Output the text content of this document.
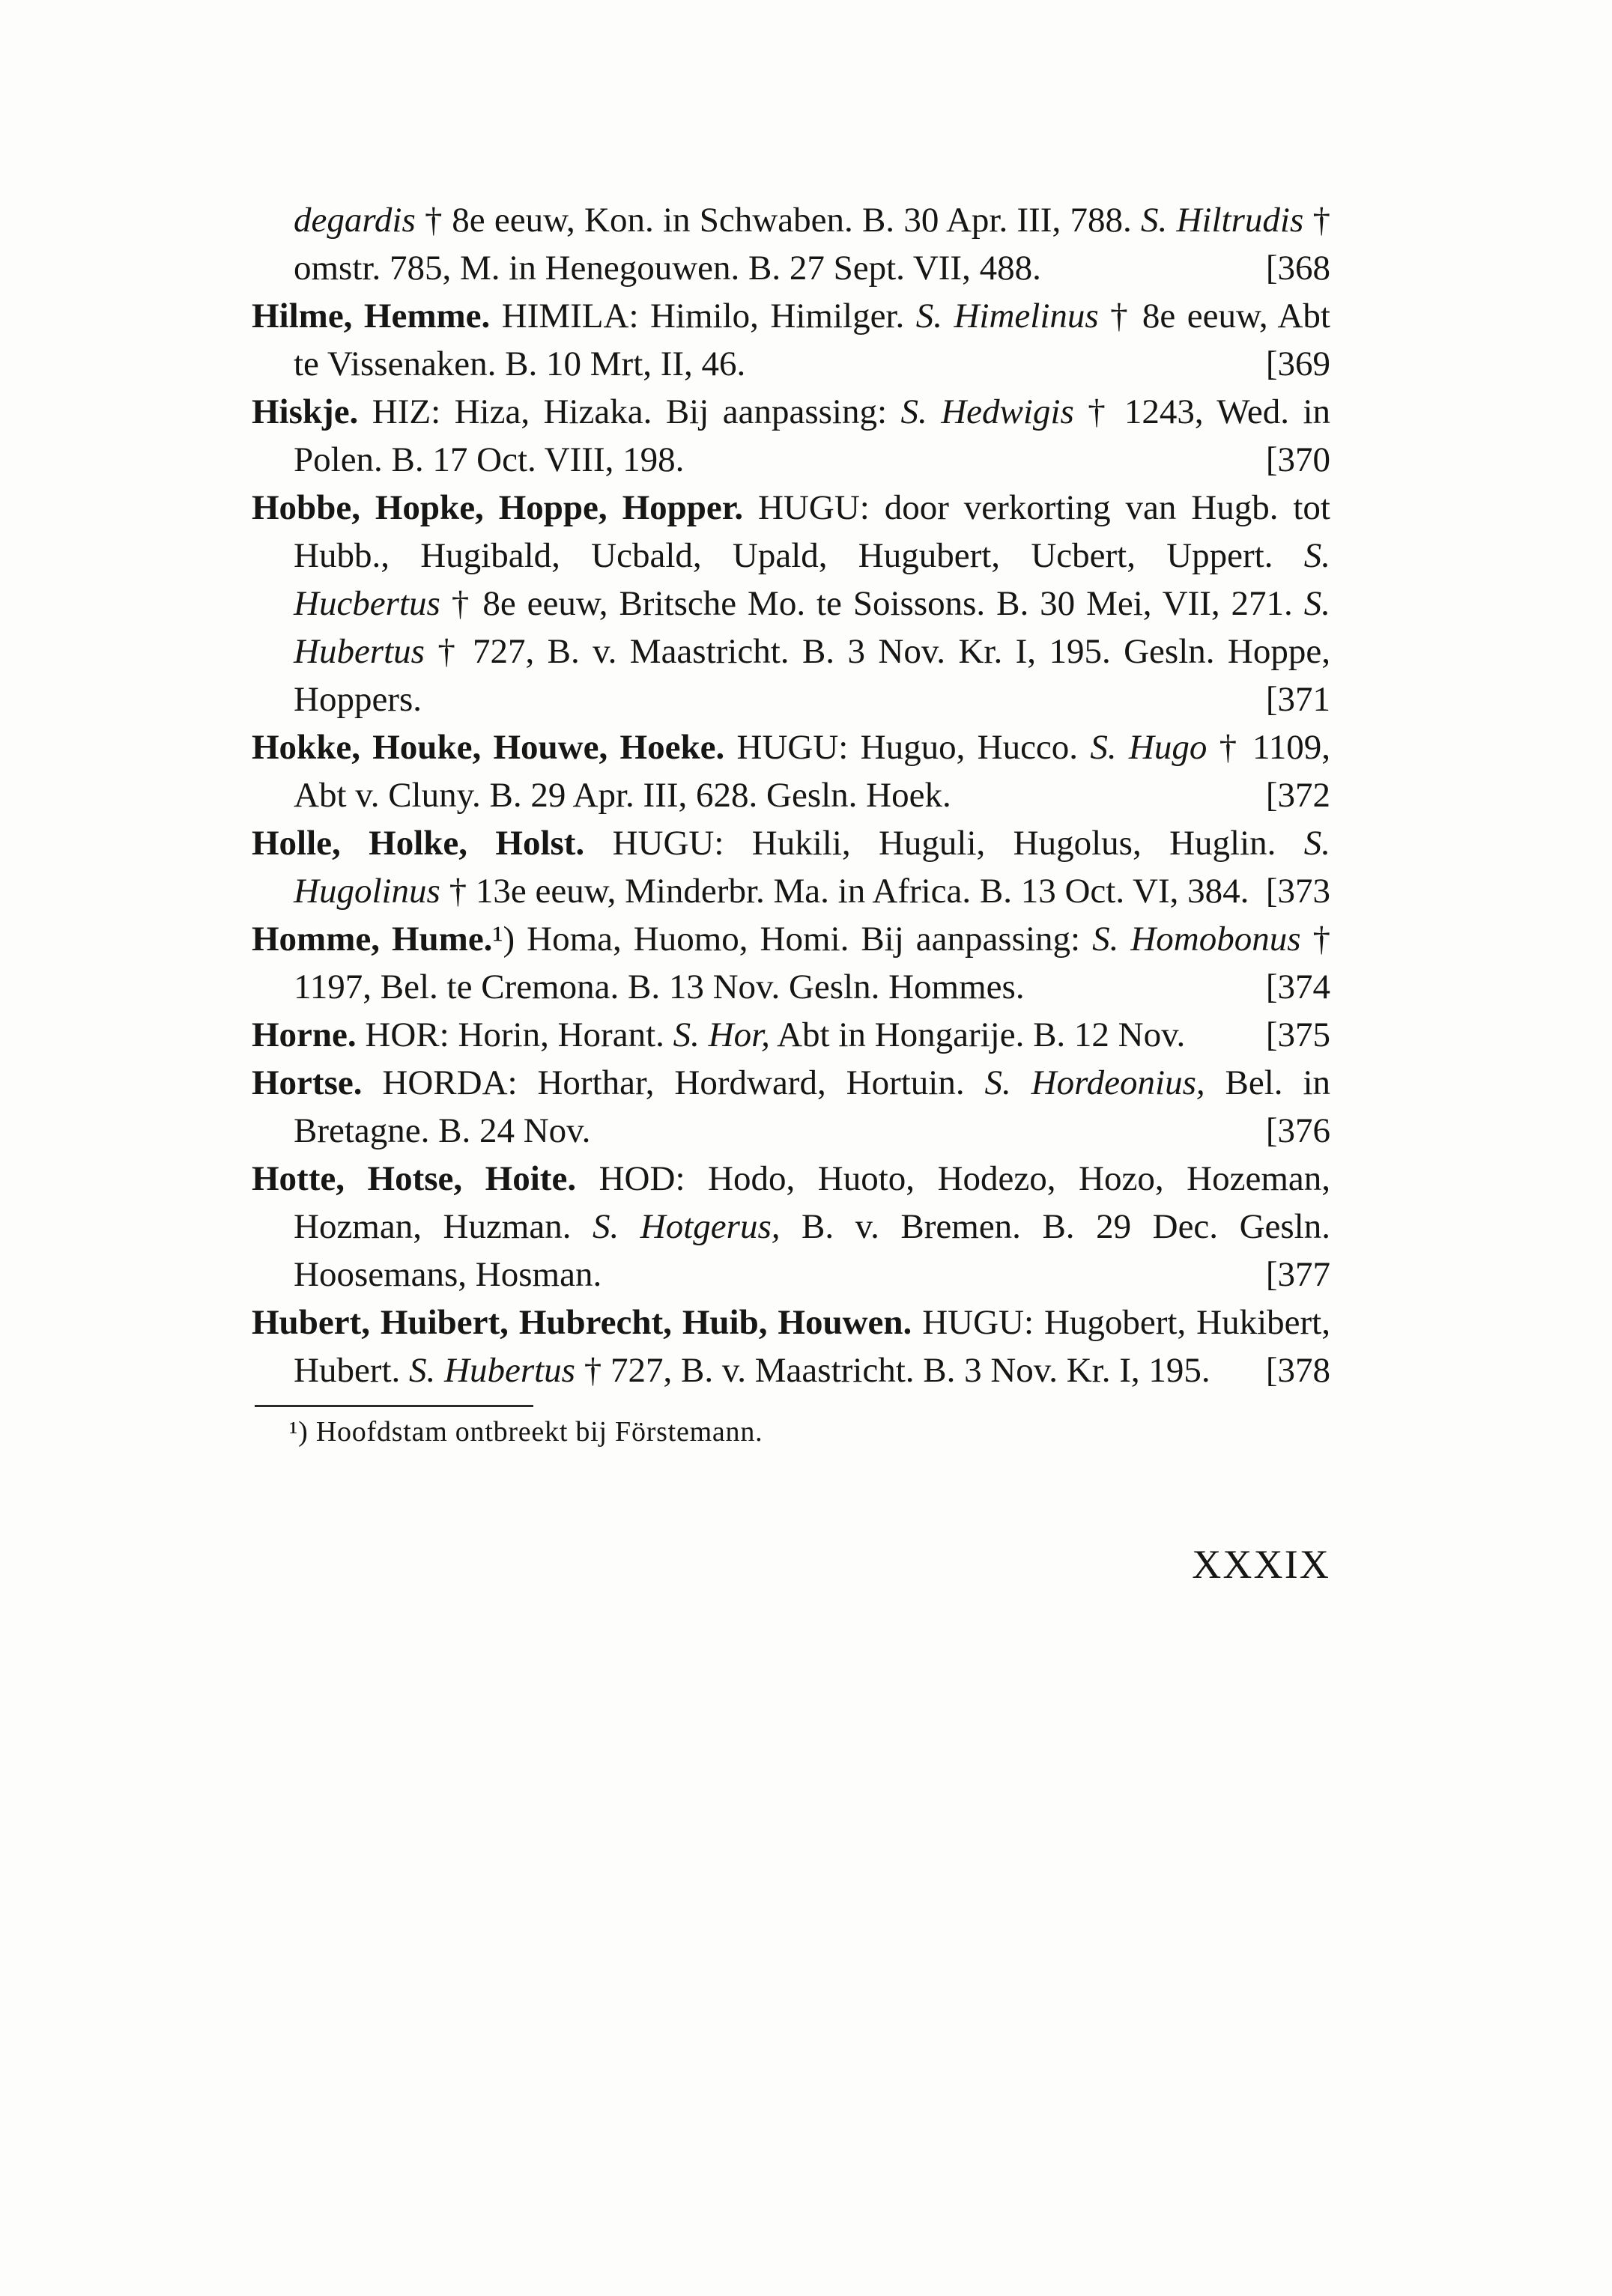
degardis † 8e eeuw, Kon. in Schwaben. B. 30 Apr. III, 788. S. Hiltrudis † omstr. 785, M. in Henegouwen. B. 27 Sept. VII, 488.	[368

Hilme, Hemme. HIMILA: Himilo, Himilger. S. Himelinus † 8e eeuw, Abt te Vissenaken. B. 10 Mrt, II, 46.	[369

Hiskje. HIZ: Hiza, Hizaka. Bij aanpassing: S. Hedwigis † 1243, Wed. in Polen. B. 17 Oct. VIII, 198.	[370

Hobbe, Hopke, Hoppe, Hopper. HUGU: door verkorting van Hugb. tot Hubb., Hugibald, Ucbald, Upald, Hugubert, Ucbert, Uppert. S. Hucbertus † 8e eeuw, Britsche Mo. te Soissons. B. 30 Mei, VII, 271. S. Hubertus † 727, B. v. Maastricht. B. 3 Nov. Kr. I, 195. Gesln. Hoppe, Hoppers.	[371

Hokke, Houke, Houwe, Hoeke. HUGU: Huguo, Hucco. S. Hugo † 1109, Abt v. Cluny. B. 29 Apr. III, 628. Gesln. Hoek.	[372

Holle, Holke, Holst. HUGU: Hukili, Huguli, Hugolus, Huglin. S. Hugolinus † 13e eeuw, Minderbr. Ma. in Africa. B. 13 Oct. VI, 384. [373

Homme, Hume.¹) Homa, Huomo, Homi. Bij aanpassing: S. Homobonus † 1197, Bel. te Cremona. B. 13 Nov. Gesln. Hommes.	[374

Horne. HOR: Horin, Horant. S. Hor, Abt in Hongarije. B. 12 Nov. [375

Hortse. HORDA: Horthar, Hordward, Hortuin. S. Hordeonius, Bel. in Bretagne. B. 24 Nov.	[376

Hotte, Hotse, Hoite. HOD: Hodo, Huoto, Hodezo, Hozo, Hozeman, Hozman, Huzman. S. Hotgerus, B. v. Bremen. B. 29 Dec. Gesln. Hoosemans, Hosman.	[377

Hubert, Huibert, Hubrecht, Huib, Houwen. HUGU: Hugobert, Hukibert, Hubert. S. Hubertus † 727, B. v. Maastricht. B. 3 Nov. Kr. I, 195. [378

¹) Hoofdstam ontbreekt bij Förstemann.
XXXIX
